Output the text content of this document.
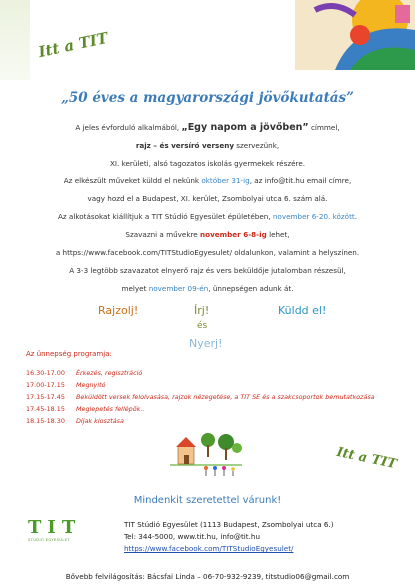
Itt a TIT
„50 éves a magyarországi jövőkutatás”
A jeles évforduló alkalmából, „Egy napom a jövőben” címmel,
rajz – és versíró verseny szervezünk,
XI. kerületi, alsó tagozatos iskolás gyermekek részére.
Az elkészült műveket küldd el nekünk október 31-ig, az info@tit.hu email címre,
vagy hozd el a Budapest, XI. kerület, Zsombolyai utca 6. szám alá.
Az alkotásokat kiállítjuk a TIT Stúdió Egyesület épületében, november 6-20. között.
Szavazni a művekre november 6-8-ig lehet,
a https://www.facebook.com/TITStudioEgyesulet/ oldalunkon, valamint a helyszínen.
A 3-3 legtöbb szavazatot elnyerő rajz és vers beküldője jutalomban részesül,
melyet november 09-én, ünnepségen adunk át.
Rajzolj!	Írj!	Küldd el!
és
Nyerj!
Az ünnepség programja:
16.30-17.00	Érkezés, regisztráció
17.00-17.15	Megnyitó
17.15-17.45	Beküldött versek felolvasása, rajzok nézegetése, a TIT SE és a szakcsoportok bemutatkozása
17.45-18.15	Meglepetés fellépők..
18.15-18.30	Díjak kiosztása
Itt a TIT
Mindenkit szeretettel várunk!
TIT
STÚDIÓ EGYESÜLET
TIT Stúdió Egyesület (1113 Budapest, Zsombolyai utca 6.)
Tel: 344-5000, www.tit.hu, info@tit.hu
https://www.facebook.com/TITStudioEgyesulet/
Bővebb felvilágosítás: Bácsfai Linda – 06-70-932-9239, titstudio06@gmail.com
